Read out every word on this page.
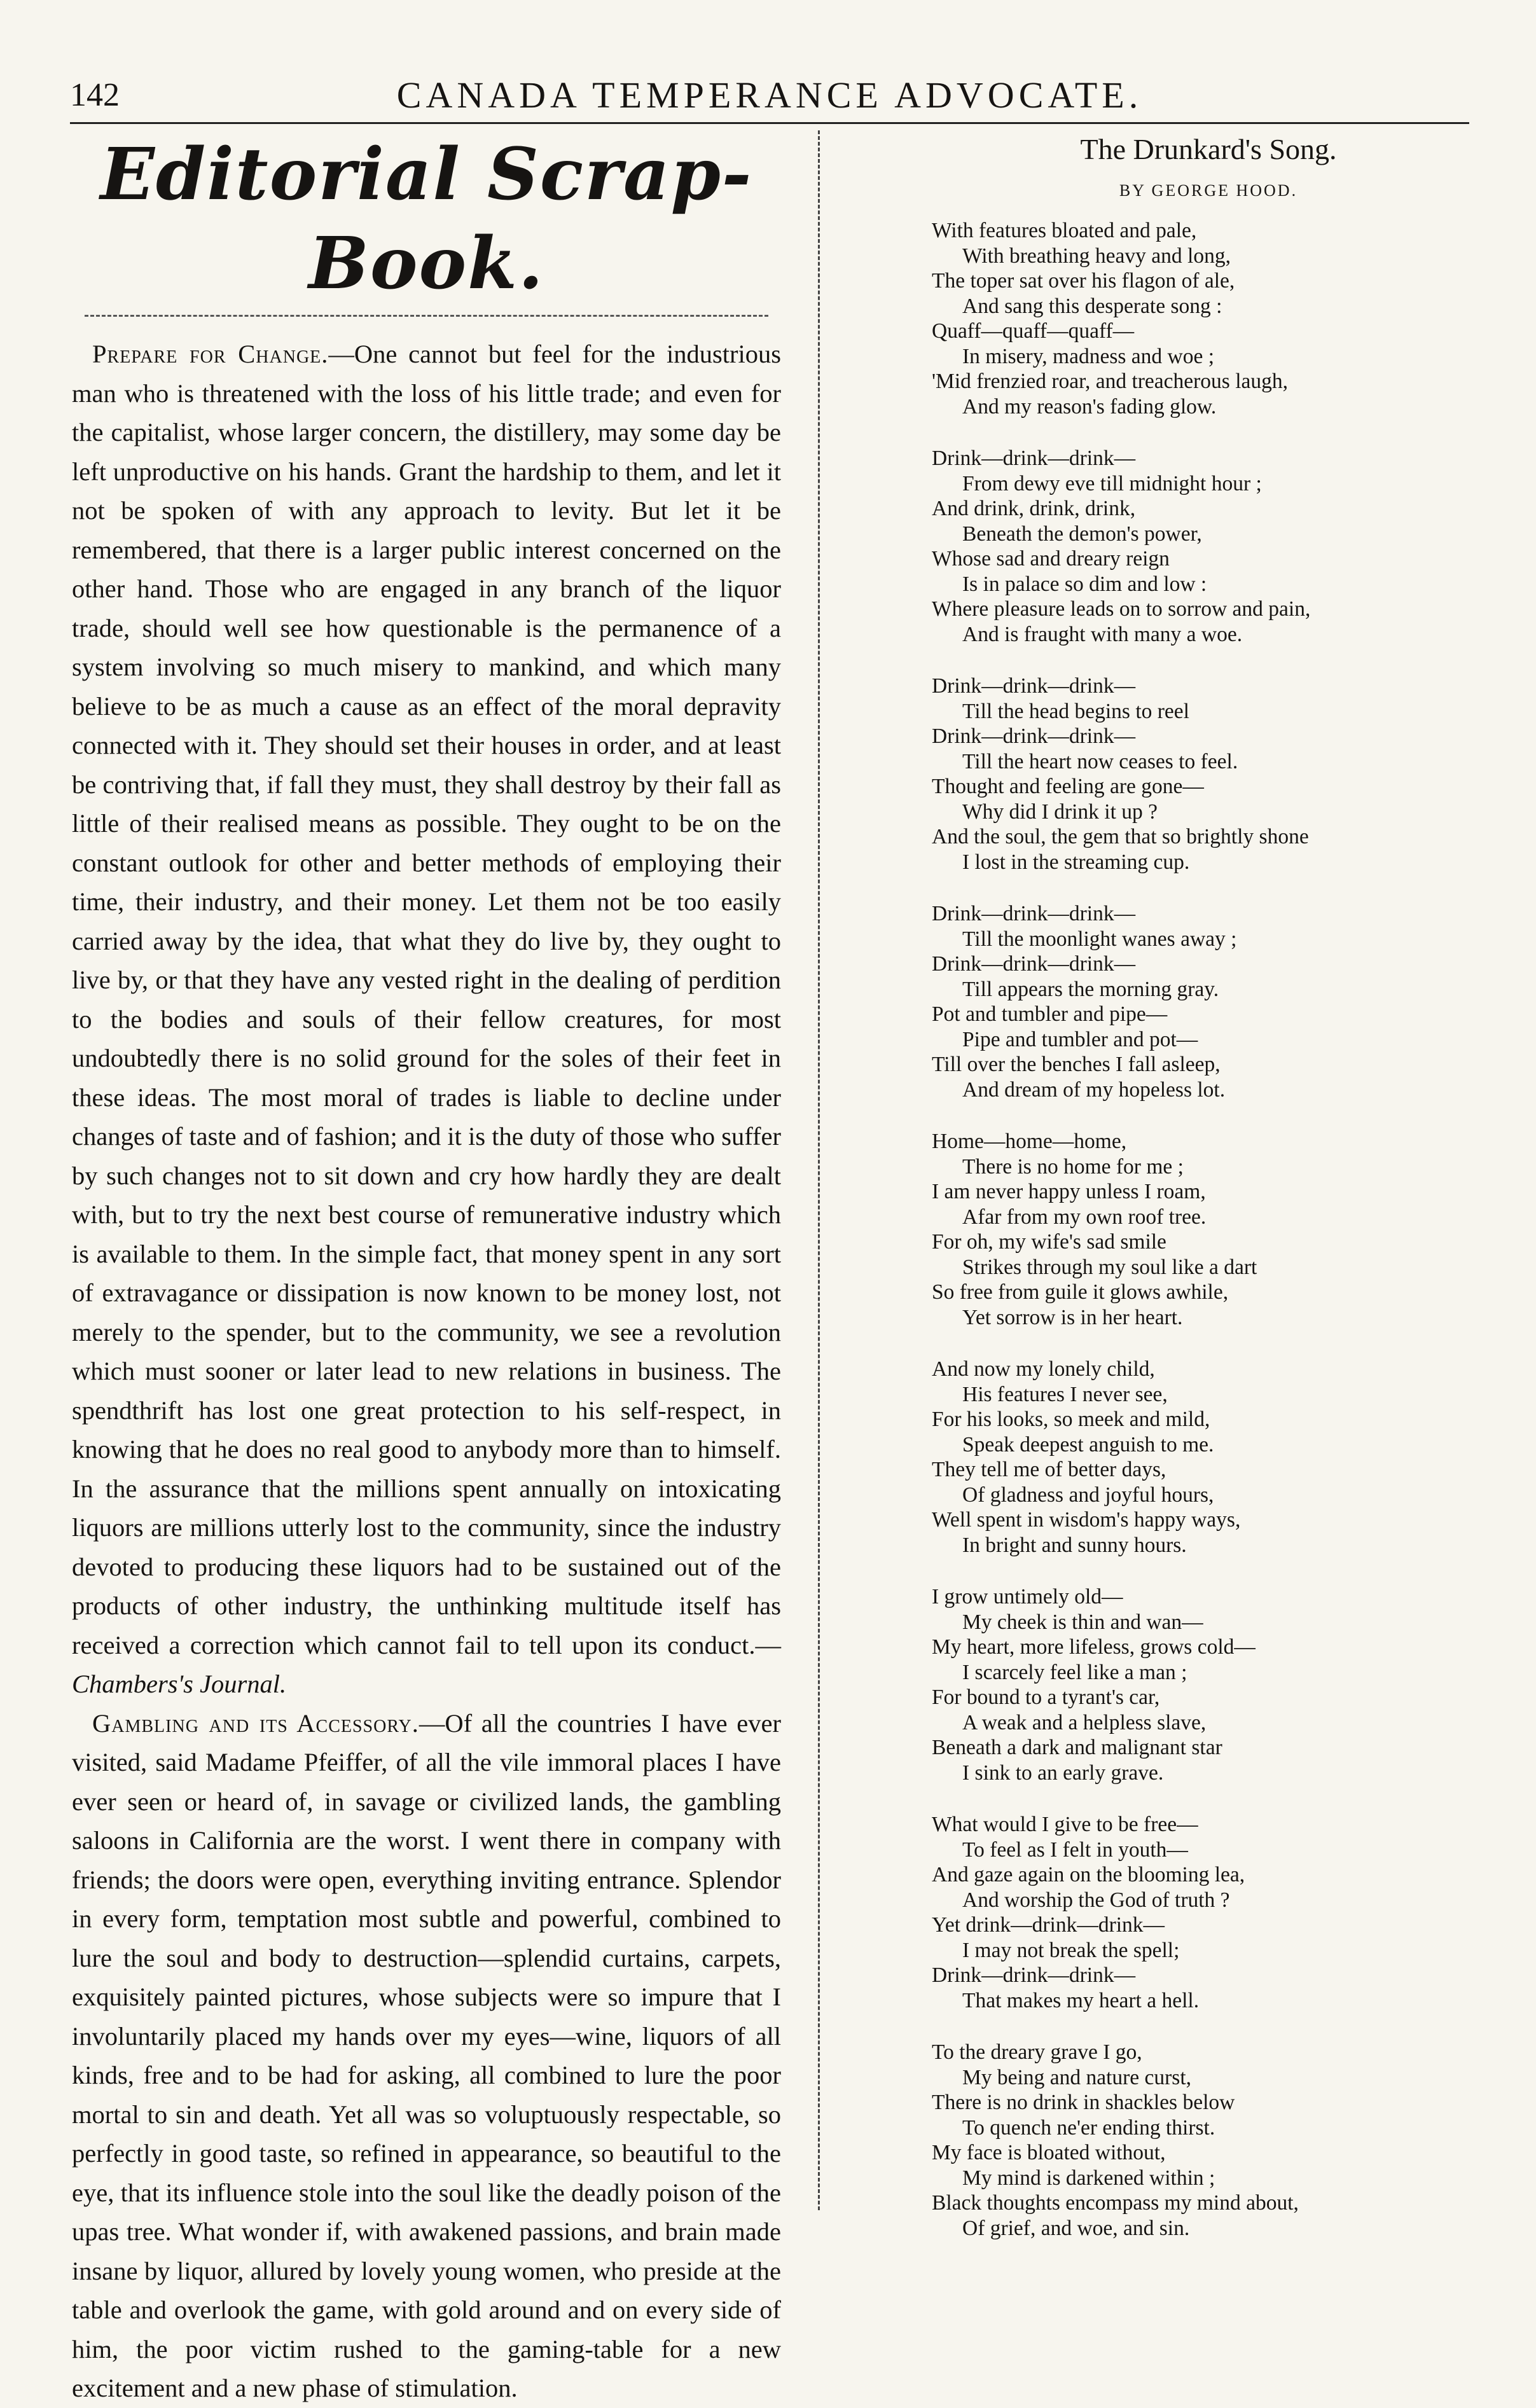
142	CANADA TEMPERANCE ADVOCATE.
Editorial Scrap-Book.

Prepare for Change.—One cannot but feel for the industrious man who is threatened with the loss of his little trade; and even for the capitalist, whose larger concern, the distillery, may some day be left unproductive on his hands. Grant the hardship to them, and let it not be spoken of with any approach to levity. But let it be remembered, that there is a larger public interest concerned on the other hand. Those who are engaged in any branch of the liquor trade, should well see how questionable is the permanence of a system involving so much misery to mankind, and which many believe to be as much a cause as an effect of the moral depravity connected with it. They should set their houses in order, and at least be contriving that, if fall they must, they shall destroy by their fall as little of their realised means as possible. They ought to be on the constant outlook for other and better methods of employing their time, their industry, and their money. Let them not be too easily carried away by the idea, that what they do live by, they ought to live by, or that they have any vested right in the dealing of perdition to the bodies and souls of their fellow creatures, for most undoubtedly there is no solid ground for the soles of their feet in these ideas. The most moral of trades is liable to decline under changes of taste and of fashion; and it is the duty of those who suffer by such changes not to sit down and cry how hardly they are dealt with, but to try the next best course of remunerative industry which is available to them. In the simple fact, that money spent in any sort of extravagance or dissipation is now known to be money lost, not merely to the spender, but to the community, we see a revolution which must sooner or later lead to new relations in business. The spendthrift has lost one great protection to his self-respect, in knowing that he does no real good to anybody more than to himself. In the assurance that the millions spent annually on intoxicating liquors are millions utterly lost to the community, since the industry devoted to producing these liquors had to be sustained out of the products of other industry, the unthinking multitude itself has received a correction which cannot fail to tell upon its conduct.—Chambers's Journal.

Gambling and its Accessory.—Of all the countries I have ever visited, said Madame Pfeiffer, of all the vile immoral places I have ever seen or heard of, in savage or civilized lands, the gambling saloons in California are the worst. I went there in company with friends; the doors were open, everything inviting entrance. Splendor in every form, temptation most subtle and powerful, combined to lure the soul and body to destruction—splendid curtains, carpets, exquisitely painted pictures, whose subjects were so impure that I involuntarily placed my hands over my eyes—wine, liquors of all kinds, free and to be had for asking, all combined to lure the poor mortal to sin and death. Yet all was so voluptuously respectable, so perfectly in good taste, so refined in appearance, so beautiful to the eye, that its influence stole into the soul like the deadly poison of the upas tree. What wonder if, with awakened passions, and brain made insane by liquor, allured by lovely young women, who preside at the table and overlook the game, with gold around and on every side of him, the poor victim rushed to the gaming-table for a new excitement and a new phase of stimulation.

The Drunkard's Song.
BY GEORGE HOOD.
With features bloated and pale,
With breathing heavy and long,
The toper sat over his flagon of ale,
And sang this desperate song :
Quaff—quaff—quaff—
In misery, madness and woe ;
'Mid frenzied roar, and treacherous laugh,
And my reason's fading glow.
Drink—drink—drink—
From dewy eve till midnight hour ;
And drink, drink, drink,
Beneath the demon's power,
Whose sad and dreary reign
Is in palace so dim and low :
Where pleasure leads on to sorrow and pain,
And is fraught with many a woe.
Drink—drink—drink—
Till the head begins to reel
Drink—drink—drink—
Till the heart now ceases to feel.
Thought and feeling are gone—
Why did I drink it up ?
And the soul, the gem that so brightly shone
I lost in the streaming cup.
Drink—drink—drink—
Till the moonlight wanes away ;
Drink—drink—drink—
Till appears the morning gray.
Pot and tumbler and pipe—
Pipe and tumbler and pot—
Till over the benches I fall asleep,
And dream of my hopeless lot.
Home—home—home,
There is no home for me ;
I am never happy unless I roam,
Afar from my own roof tree.
For oh, my wife's sad smile
Strikes through my soul like a dart
So free from guile it glows awhile,
Yet sorrow is in her heart.
And now my lonely child,
His features I never see,
For his looks, so meek and mild,
Speak deepest anguish to me.
They tell me of better days,
Of gladness and joyful hours,
Well spent in wisdom's happy ways,
In bright and sunny hours.
I grow untimely old—
My cheek is thin and wan—
My heart, more lifeless, grows cold—
I scarcely feel like a man ;
For bound to a tyrant's car,
A weak and a helpless slave,
Beneath a dark and malignant star
I sink to an early grave.
What would I give to be free—
To feel as I felt in youth—
And gaze again on the blooming lea,
And worship the God of truth ?
Yet drink—drink—drink—
I may not break the spell;
Drink—drink—drink—
That makes my heart a hell.
To the dreary grave I go,
My being and nature curst,
There is no drink in shackles below
To quench ne'er ending thirst.
My face is bloated without,
My mind is darkened within ;
Black thoughts encompass my mind about,
Of grief, and woe, and sin.
